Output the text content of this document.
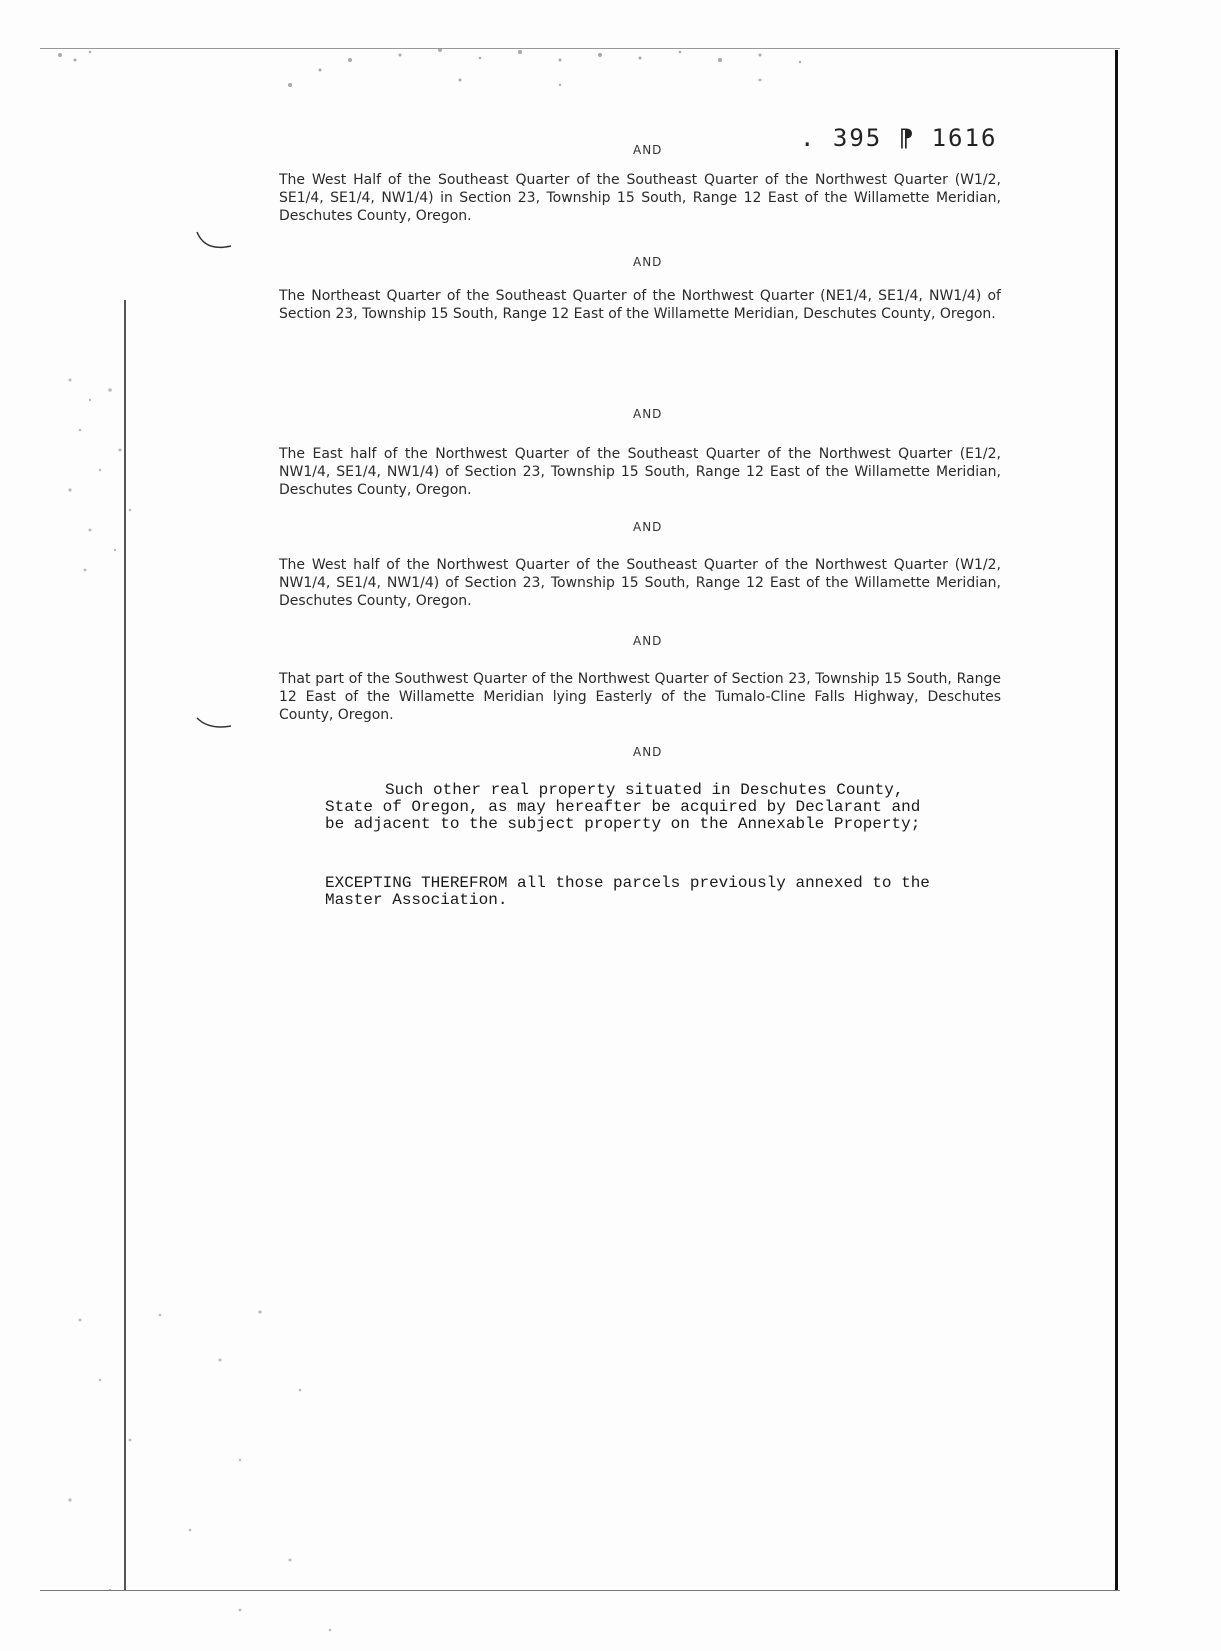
. 395 ⁋ 1616
AND
The West Half of the Southeast Quarter of the Southeast Quarter of the Northwest Quarter (W1/2, SE1/4, SE1/4, NW1/4) in Section 23, Township 15 South, Range 12 East of the Willamette Meridian, Deschutes County, Oregon.
AND
The Northeast Quarter of the Southeast Quarter of the Northwest Quarter (NE1/4, SE1/4, NW1/4) of Section 23, Township 15 South, Range 12 East of the Willamette Meridian, Deschutes County, Oregon.
AND
The East half of the Northwest Quarter of the Southeast Quarter of the Northwest Quarter (E1/2, NW1/4, SE1/4, NW1/4) of Section 23, Township 15 South, Range 12 East of the Willamette Meridian, Deschutes County, Oregon.
AND
The West half of the Northwest Quarter of the Southeast Quarter of the Northwest Quarter (W1/2, NW1/4, SE1/4, NW1/4) of Section 23, Township 15 South, Range 12 East of the Willamette Meridian, Deschutes County, Oregon.
AND
That part of the Southwest Quarter of the Northwest Quarter of Section 23, Township 15 South, Range 12 East of the Willamette Meridian lying Easterly of the Tumalo-Cline Falls Highway, Deschutes County, Oregon.
AND
Such other real property situated in Deschutes County, State of Oregon, as may hereafter be acquired by Declarant and be adjacent to the subject property on the Annexable Property;
EXCEPTING THEREFROM all those parcels previously annexed to the Master Association.
